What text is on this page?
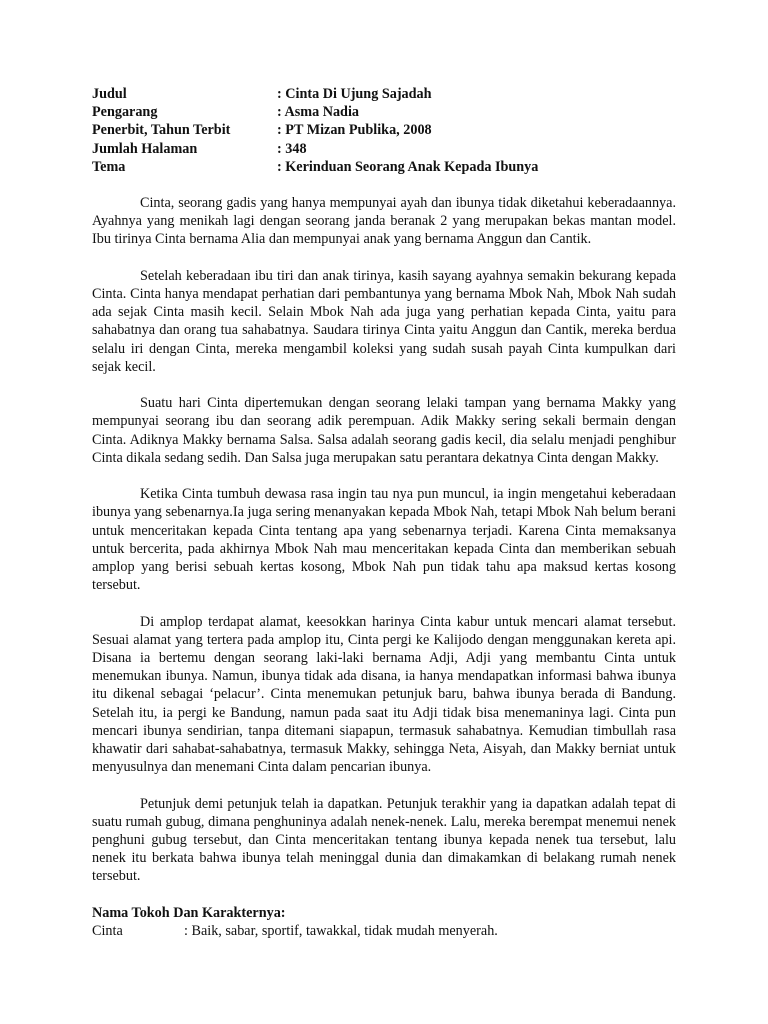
Judul	: Cinta Di Ujung Sajadah
Pengarang	: Asma Nadia
Penerbit, Tahun Terbit	: PT Mizan Publika, 2008
Jumlah Halaman	: 348
Tema	: Kerinduan Seorang Anak Kepada Ibunya

Cinta, seorang gadis yang hanya mempunyai ayah dan ibunya tidak diketahui keberadaannya. Ayahnya yang menikah lagi dengan seorang janda beranak 2 yang merupakan bekas mantan model. Ibu tirinya Cinta bernama Alia dan mempunyai anak yang bernama Anggun dan Cantik.

Setelah keberadaan ibu tiri dan anak tirinya, kasih sayang ayahnya semakin bekurang kepada Cinta. Cinta hanya mendapat perhatian dari pembantunya yang bernama Mbok Nah, Mbok Nah sudah ada sejak Cinta masih kecil. Selain Mbok Nah ada juga yang perhatian kepada Cinta, yaitu para sahabatnya dan orang tua sahabatnya. Saudara tirinya Cinta yaitu Anggun dan Cantik, mereka berdua selalu iri dengan Cinta, mereka mengambil koleksi yang sudah susah payah Cinta kumpulkan dari sejak kecil.

Suatu hari Cinta dipertemukan dengan seorang lelaki tampan yang bernama Makky yang mempunyai seorang ibu dan seorang adik perempuan. Adik Makky sering sekali bermain dengan Cinta. Adiknya Makky bernama Salsa. Salsa adalah seorang gadis kecil, dia selalu menjadi penghibur Cinta dikala sedang sedih. Dan Salsa juga merupakan satu perantara dekatnya Cinta dengan Makky.

Ketika Cinta tumbuh dewasa rasa ingin tau nya pun muncul, ia ingin mengetahui keberadaan ibunya yang sebenarnya.Ia juga sering menanyakan kepada Mbok Nah, tetapi Mbok Nah belum berani untuk menceritakan kepada Cinta tentang apa yang sebenarnya terjadi. Karena Cinta memaksanya untuk bercerita, pada akhirnya Mbok Nah mau menceritakan kepada Cinta dan memberikan sebuah amplop yang berisi sebuah kertas kosong, Mbok Nah pun tidak tahu apa maksud kertas kosong tersebut.

Di amplop terdapat alamat, keesokkan harinya Cinta kabur untuk mencari alamat tersebut. Sesuai alamat yang tertera pada amplop itu, Cinta pergi ke Kalijodo dengan menggunakan kereta api. Disana ia bertemu dengan seorang laki-laki bernama Adji, Adji yang membantu Cinta untuk menemukan ibunya. Namun, ibunya tidak ada disana, ia hanya mendapatkan informasi bahwa ibunya itu dikenal sebagai ‘pelacur’. Cinta menemukan petunjuk baru, bahwa ibunya berada di Bandung. Setelah itu, ia pergi ke Bandung, namun pada saat itu Adji tidak bisa menemaninya lagi. Cinta pun mencari ibunya sendirian, tanpa ditemani siapapun, termasuk sahabatnya. Kemudian timbullah rasa khawatir dari sahabat-sahabatnya, termasuk Makky, sehingga Neta, Aisyah, dan Makky berniat untuk menyusulnya dan menemani Cinta dalam pencarian ibunya.

Petunjuk demi petunjuk telah ia dapatkan. Petunjuk terakhir yang ia dapatkan adalah tepat di suatu rumah gubug, dimana penghuninya adalah nenek-nenek. Lalu, mereka berempat menemui nenek penghuni gubug tersebut, dan Cinta menceritakan tentang ibunya kepada nenek tua tersebut, lalu nenek itu berkata bahwa ibunya telah meninggal dunia dan dimakamkan di belakang rumah nenek tersebut.

Nama Tokoh Dan Karakternya:

Cinta	: Baik, sabar, sportif, tawakkal, tidak mudah menyerah.
